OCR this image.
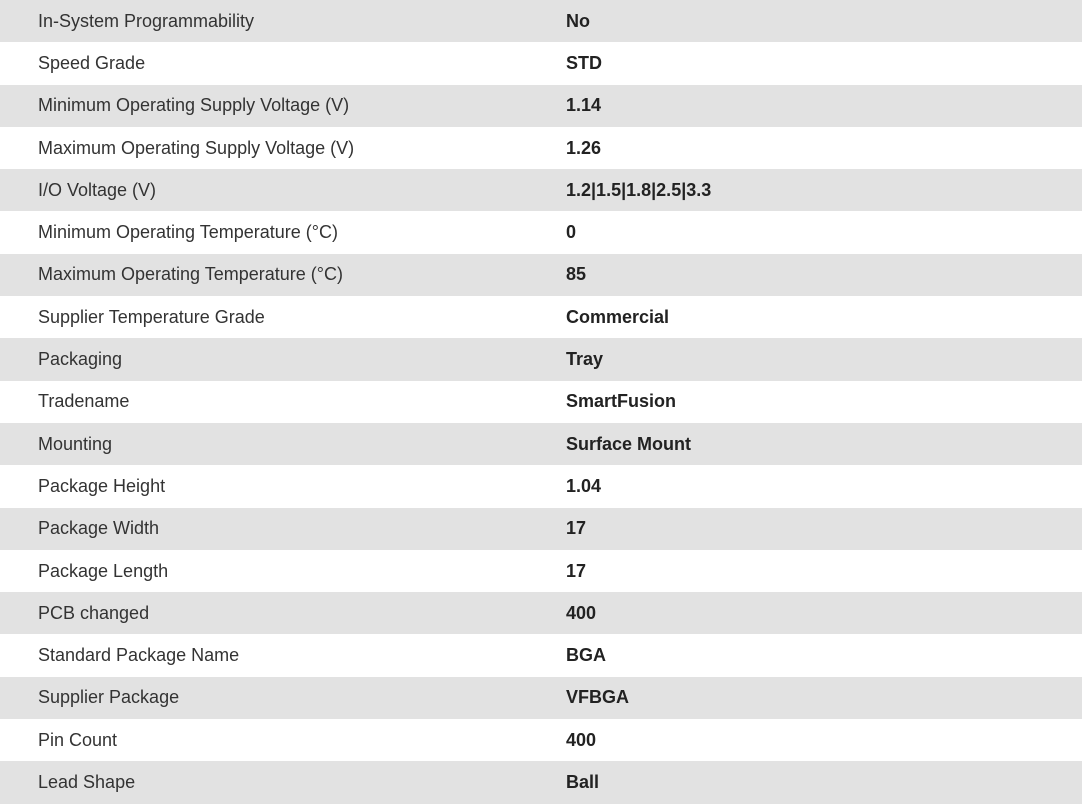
In-System Programmability	No
Speed Grade	STD
Minimum Operating Supply Voltage (V)	1.14
Maximum Operating Supply Voltage (V)	1.26
I/O Voltage (V)	1.2|1.5|1.8|2.5|3.3
Minimum Operating Temperature (°C)	0
Maximum Operating Temperature (°C)	85
Supplier Temperature Grade	Commercial
Packaging	Tray
Tradename	SmartFusion
Mounting	Surface Mount
Package Height	1.04
Package Width	17
Package Length	17
PCB changed	400
Standard Package Name	BGA
Supplier Package	VFBGA
Pin Count	400
Lead Shape	Ball
